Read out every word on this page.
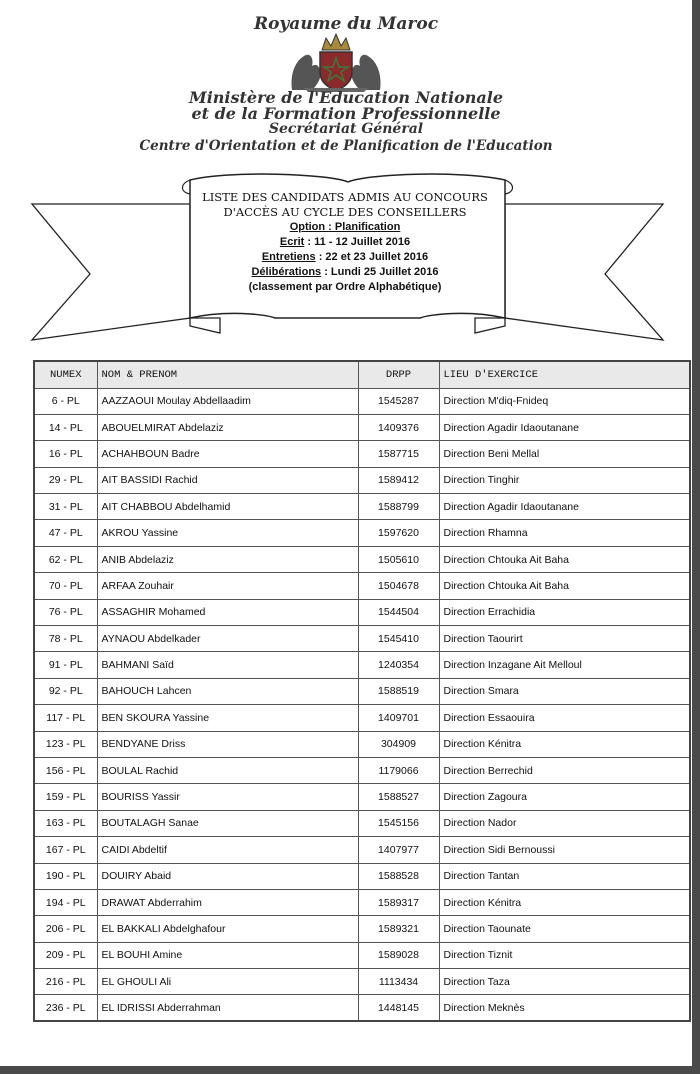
Royaume du Maroc
Ministère de l'Education Nationale
et de la Formation Professionnelle
Secrétariat Général
Centre d'Orientation et de Planification de l'Education
LISTE DES CANDIDATS ADMIS AU CONCOURS
D'ACCÈS AU CYCLE DES CONSEILLERS
Option : Planification
Ecrit : 11 - 12 Juillet 2016
Entretiens : 22 et 23 Juillet 2016
Délibérations : Lundi 25 Juillet 2016
(classement par Ordre Alphabétique)
NUMEX	NOM & PRENOM	DRPP	LIEU D'EXERCICE
6 - PL	AAZZAOUI Moulay Abdellaadim	1545287	Direction M'diq-Fnideq
14 - PL	ABOUELMIRAT Abdelaziz	1409376	Direction Agadir Idaoutanane
16 - PL	ACHAHBOUN Badre	1587715	Direction Beni Mellal
29 - PL	AIT BASSIDI Rachid	1589412	Direction Tinghir
31 - PL	AIT CHABBOU Abdelhamid	1588799	Direction Agadir Idaoutanane
47 - PL	AKROU Yassine	1597620	Direction Rhamna
62 - PL	ANIB Abdelaziz	1505610	Direction Chtouka Ait Baha
70 - PL	ARFAA Zouhair	1504678	Direction Chtouka Ait Baha
76 - PL	ASSAGHIR Mohamed	1544504	Direction Errachidia
78 - PL	AYNAOU Abdelkader	1545410	Direction Taourirt
91 - PL	BAHMANI Saïd	1240354	Direction Inzagane Ait Melloul
92 - PL	BAHOUCH Lahcen	1588519	Direction Smara
117 - PL	BEN SKOURA Yassine	1409701	Direction Essaouira
123 - PL	BENDYANE Driss	304909	Direction Kénitra
156 - PL	BOULAL Rachid	1179066	Direction Berrechid
159 - PL	BOURISS Yassir	1588527	Direction Zagoura
163 - PL	BOUTALAGH Sanae	1545156	Direction Nador
167 - PL	CAIDI Abdeltif	1407977	Direction Sidi Bernoussi
190 - PL	DOUIRY Abaid	1588528	Direction Tantan
194 - PL	DRAWAT Abderrahim	1589317	Direction Kénitra
206 - PL	EL BAKKALI Abdelghafour	1589321	Direction Taounate
209 - PL	EL BOUHI Amine	1589028	Direction Tiznit
216 - PL	EL GHOULI Ali	1113434	Direction Taza
236 - PL	EL IDRISSI Abderrahman	1448145	Direction Meknès
